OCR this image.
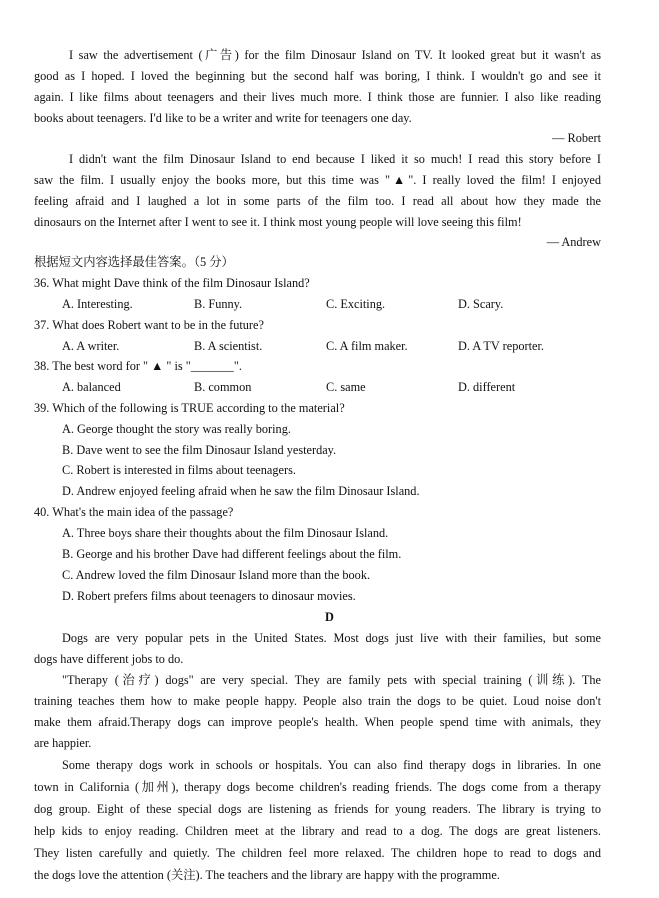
I saw the advertisement (广告) for the film Dinosaur Island on TV. It looked great but it wasn't as
good as I hoped. I loved the beginning but the second half was boring, I think. I wouldn't go and see it
again. I like films about teenagers and their lives much more. I think those are funnier. I also like reading
books about teenagers. I'd like to be a writer and write for teenagers one day.
— Robert
I didn't want the film Dinosaur Island to end because I liked it so much! I read this story before I
saw the film. I usually enjoy the books more, but this time was "▲". I really loved the film! I enjoyed
feeling afraid and I laughed a lot in some parts of the film too. I read all about how they made the
dinosaurs on the Internet after I went to see it. I think most young people will love seeing this film!
— Andrew
根据短文内容选择最佳答案。（5 分）
36. What might Dave think of the film Dinosaur Island?
A. Interesting.	B. Funny.	C. Exciting.	D. Scary.
37. What does Robert want to be in the future?
A. A writer.	B. A scientist.	C. A film maker.	D. A TV reporter.
38. The best word for " ▲ " is "_______".
A. balanced	B. common	C. same	D. different
39. Which of the following is TRUE according to the material?
A. George thought the story was really boring.
B. Dave went to see the film Dinosaur Island yesterday.
C. Robert is interested in films about teenagers.
D. Andrew enjoyed feeling afraid when he saw the film Dinosaur Island.
40. What's the main idea of the passage?
A. Three boys share their thoughts about the film Dinosaur Island.
B. George and his brother Dave had different feelings about the film.
C. Andrew loved the film Dinosaur Island more than the book.
D. Robert prefers films about teenagers to dinosaur movies.
D
Dogs are very popular pets in the United States. Most dogs just live with their families, but some
dogs have different jobs to do.
"Therapy (治疗) dogs" are very special. They are family pets with special training (训练). The
training teaches them how to make people happy. People also train the dogs to be quiet. Loud noise don't
make them afraid.Therapy dogs can improve people's health. When people spend time with animals, they
are happier.
Some therapy dogs work in schools or hospitals. You can also find therapy dogs in libraries. In one
town in California (加州), therapy dogs become children's reading friends. The dogs come from a therapy
dog group. Eight of these special dogs are listening as friends for young readers. The library is trying to
help kids to enjoy reading. Children meet at the library and read to a dog. The dogs are great listeners.
They listen carefully and quietly. The children feel more relaxed. The children hope to read to dogs and
the dogs love the attention (关注). The teachers and the library are happy with the programme.
